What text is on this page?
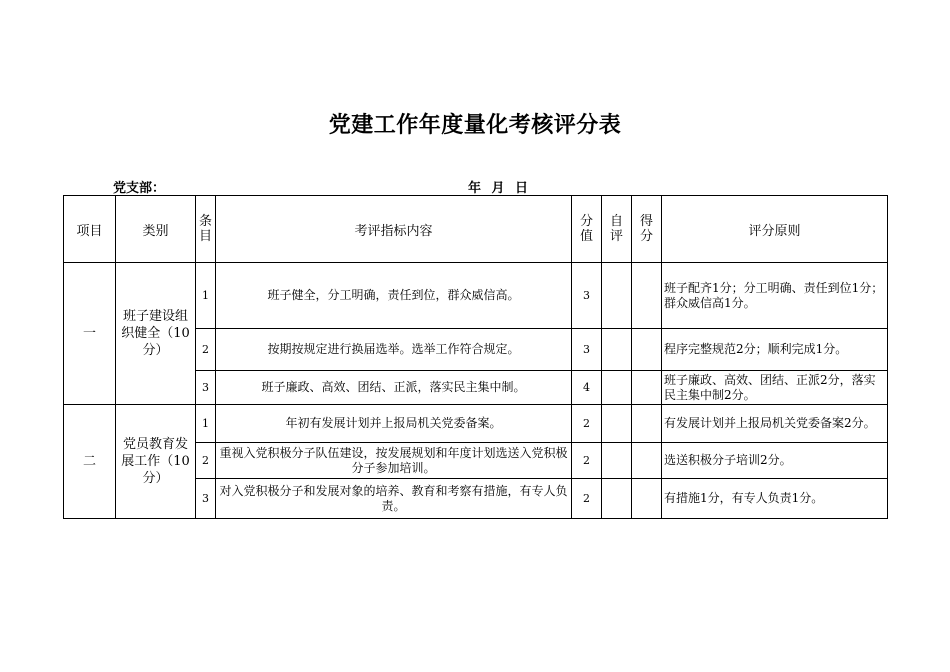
党建工作年度量化考核评分表
党支部：	年 月 日
项目	类别	条目	考评指标内容	分值	自评	得分	评分原则
一	班子建设组织健全（10分）	1	班子健全，分工明确，责任到位，群众威信高。	3			班子配齐1分；分工明确、责任到位1分；群众威信高1分。
		2	按期按规定进行换届选举。选举工作符合规定。	3			程序完整规范2分；顺利完成1分。
		3	班子廉政、高效、团结、正派，落实民主集中制。	4			班子廉政、高效、团结、正派2分，落实民主集中制2分。
二	党员教育发展工作（10分）	1	年初有发展计划并上报局机关党委备案。	2			有发展计划并上报局机关党委备案2分。
		2	重视入党积极分子队伍建设，按发展规划和年度计划选送入党积极分子参加培训。	2			选送积极分子培训2分。
		3	对入党积极分子和发展对象的培养、教育和考察有措施，有专人负责。	2			有措施1分，有专人负责1分。
